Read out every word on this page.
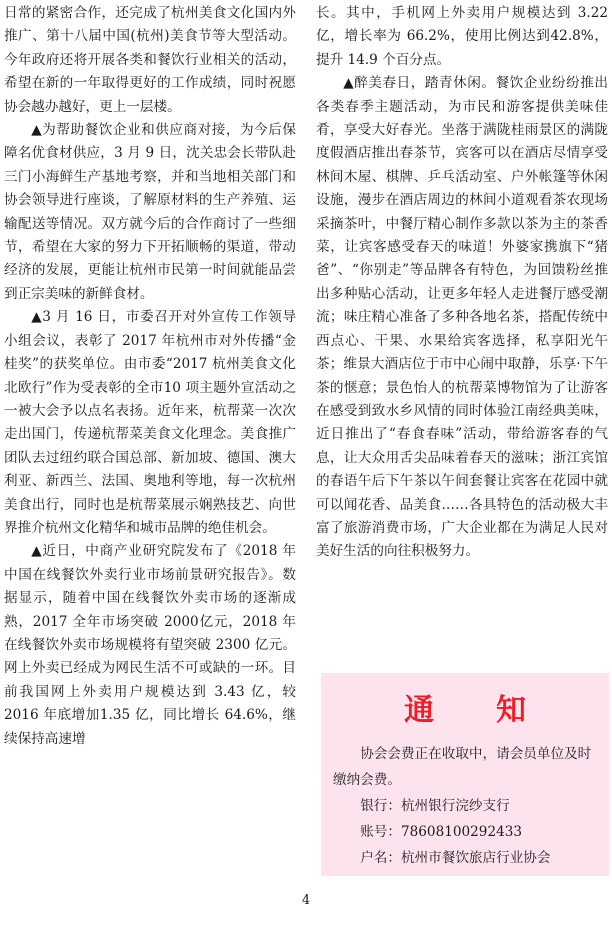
日常的紧密合作，还完成了杭州美食文化国内外推广、第十八届中国(杭州)美食节等大型活动。今年政府还将开展各类和餐饮行业相关的活动，希望在新的一年取得更好的工作成绩，同时祝愿协会越办越好，更上一层楼。

▲为帮助餐饮企业和供应商对接，为今后保障名优食材供应，3 月 9 日，沈关忠会长带队赴三门小海鲜生产基地考察，并和当地相关部门和协会领导进行座谈，了解原材料的生产养殖、运输配送等情况。双方就今后的合作商讨了一些细节，希望在大家的努力下开拓顺畅的渠道，带动经济的发展，更能让杭州市民第一时间就能品尝到正宗美味的新鲜食材。

▲3 月 16 日，市委召开对外宣传工作领导小组会议，表彰了 2017 年杭州市对外传播“金桂奖”的获奖单位。由市委“2017 杭州美食文化北欧行”作为受表彰的全市10 项主题外宣活动之一被大会予以点名表扬。近年来，杭帮菜一次次走出国门，传递杭帮菜美食文化理念。美食推广团队去过纽约联合国总部、新加坡、德国、澳大利亚、新西兰、法国、奥地利等地，每一次杭州美食出行，同时也是杭帮菜展示娴熟技艺、向世界推介杭州文化精华和城市品牌的绝佳机会。

▲近日，中商产业研究院发布了《2018 年中国在线餐饮外卖行业市场前景研究报告》。数据显示，随着中国在线餐饮外卖市场的逐渐成熟，2017 全年市场突破 2000亿元，2018 年在线餐饮外卖市场规模将有望突破 2300 亿元。网上外卖已经成为网民生活不可或缺的一环。目前我国网上外卖用户规模达到 3.43 亿，较 2016 年底增加1.35 亿，同比增长 64.6%，继续保持高速增

长。其中，手机网上外卖用户规模达到 3.22亿，增长率为 66.2%，使用比例达到42.8%，提升 14.9 个百分点。

▲醉美春日，踏青休闲。餐饮企业纷纷推出各类春季主题活动，为市民和游客提供美味佳肴，享受大好春光。坐落于满陇桂雨景区的满陇度假酒店推出春茶节，宾客可以在酒店尽情享受林间木屋、棋牌、乒乓活动室、户外帐篷等休闲设施，漫步在酒店周边的林间小道观看茶农现场采摘茶叶，中餐厅精心制作多款以茶为主的茶香菜，让宾客感受春天的味道！外婆家携旗下“猪爸”、“你别走”等品牌各有特色，为回馈粉丝推出多种贴心活动，让更多年轻人走进餐厅感受潮流；味庄精心准备了多种各地名茶，搭配传统中西点心、干果、水果给宾客选择，私享阳光午茶；维景大酒店位于市中心闹中取静，乐享·下午茶的惬意；景色怡人的杭帮菜博物馆为了让游客在感受到致水乡风情的同时体验江南经典美味，近日推出了“春食春味”活动，带给游客春的气息，让大众用舌尖品味着春天的滋味；浙江宾馆的春语午后下午茶以午间套餐让宾客在花园中就可以闻花香、品美食……各具特色的活动极大丰富了旅游消费市场，广大企业都在为满足人民对美好生活的向往积极努力。

通知

协会会费正在收取中，请会员单位及时缴纳会费。

银行：杭州银行浣纱支行

账号：78608100292433

户名：杭州市餐饮旅店行业协会

4
